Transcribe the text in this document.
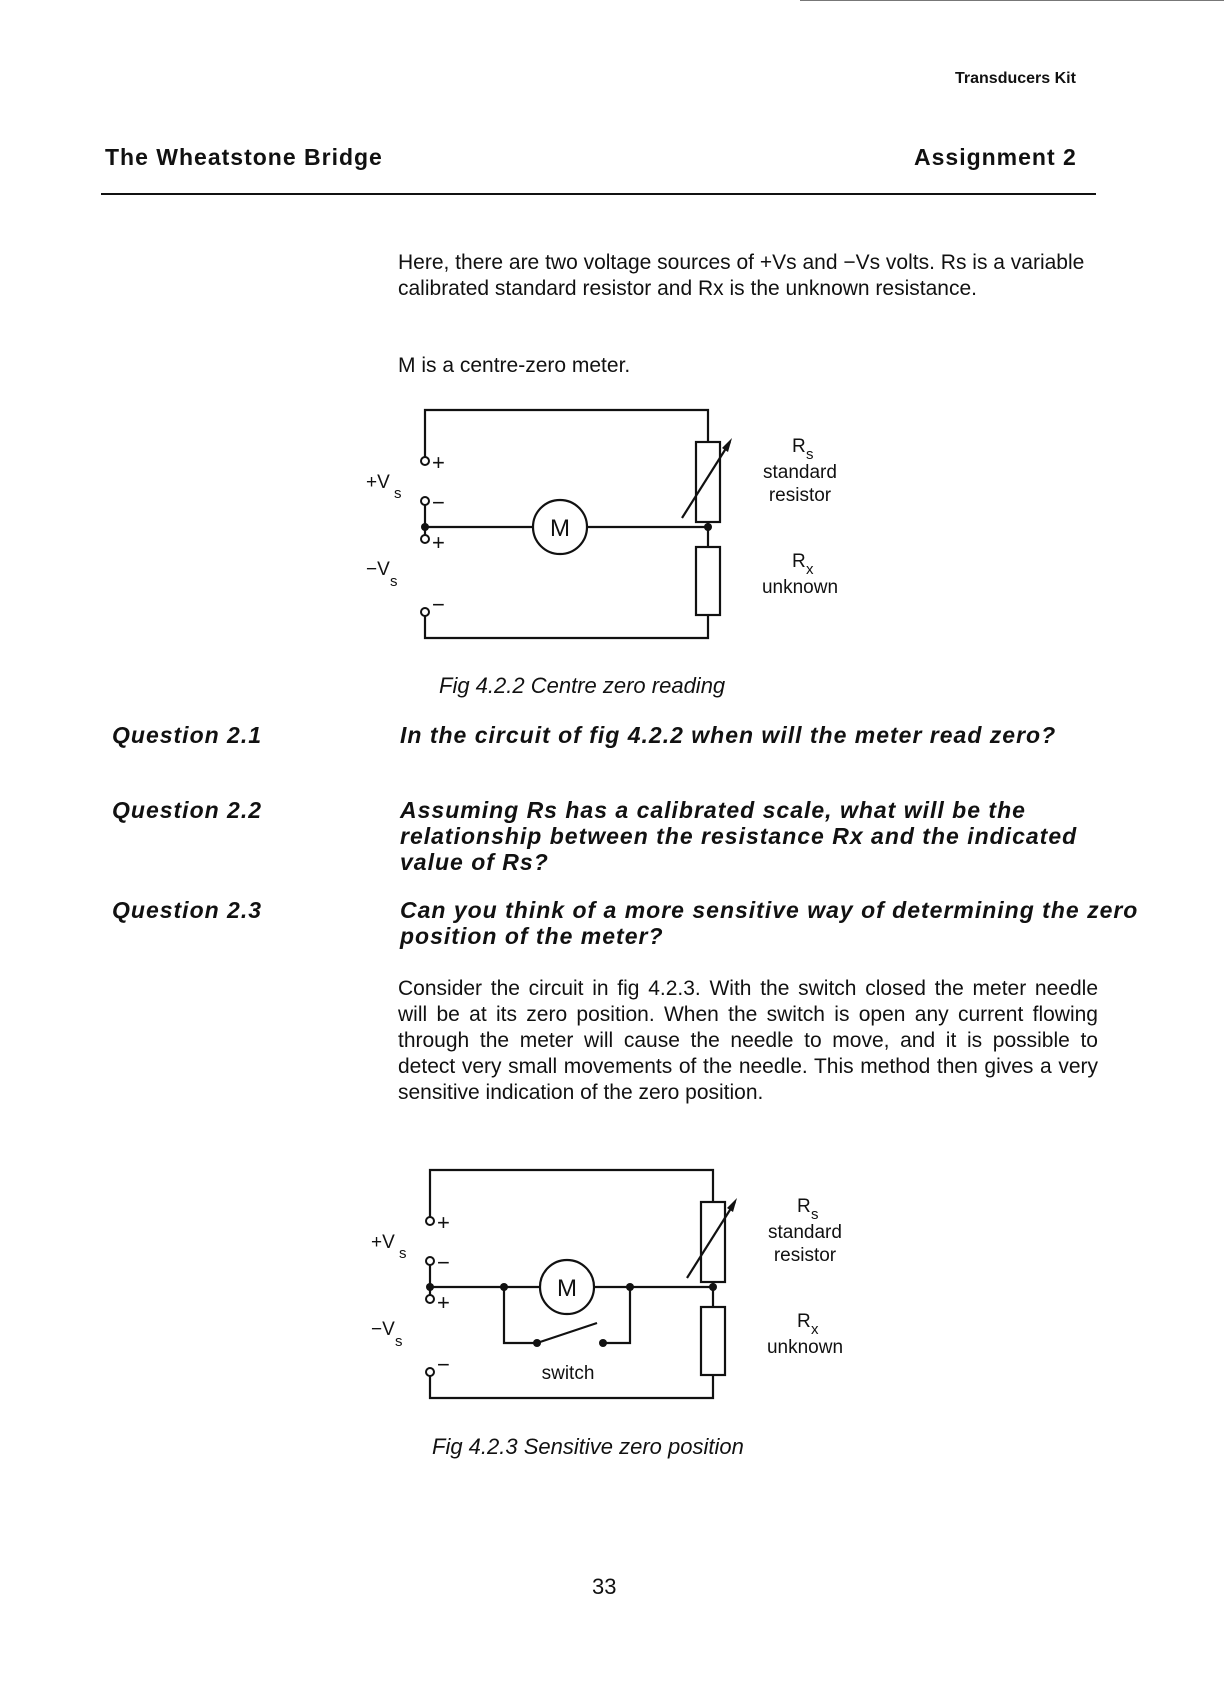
Transducers Kit
The Wheatstone Bridge	Assignment 2
Here, there are two voltage sources of +Vs and −Vs volts. Rs is a variable calibrated standard resistor and Rx is the unknown resistance.
M is a centre-zero meter.
+
−
+
−
+V
s
−V
s
M
R s
standard
resistor
R x
unknown
Fig 4.2.2 Centre zero reading
Question 2.1	In the circuit of fig 4.2.2 when will the meter read zero?
Question 2.2	Assuming Rs has a calibrated scale, what will be the relationship between the resistance Rx and the indicated value of Rs?
Question 2.3	Can you think of a more sensitive way of determining the zero position of the meter?
Consider the circuit in fig 4.2.3. With the switch closed the meter needle will be at its zero position. When the switch is open any current flowing through the meter will cause the needle to move, and it is possible to detect very small movements of the needle. This method then gives a very sensitive indication of the zero position.
+
−
+
−
+V
s
−V
s
M
switch
R s
standard
resistor
R x
unknown
Fig 4.2.3 Sensitive zero position
33
